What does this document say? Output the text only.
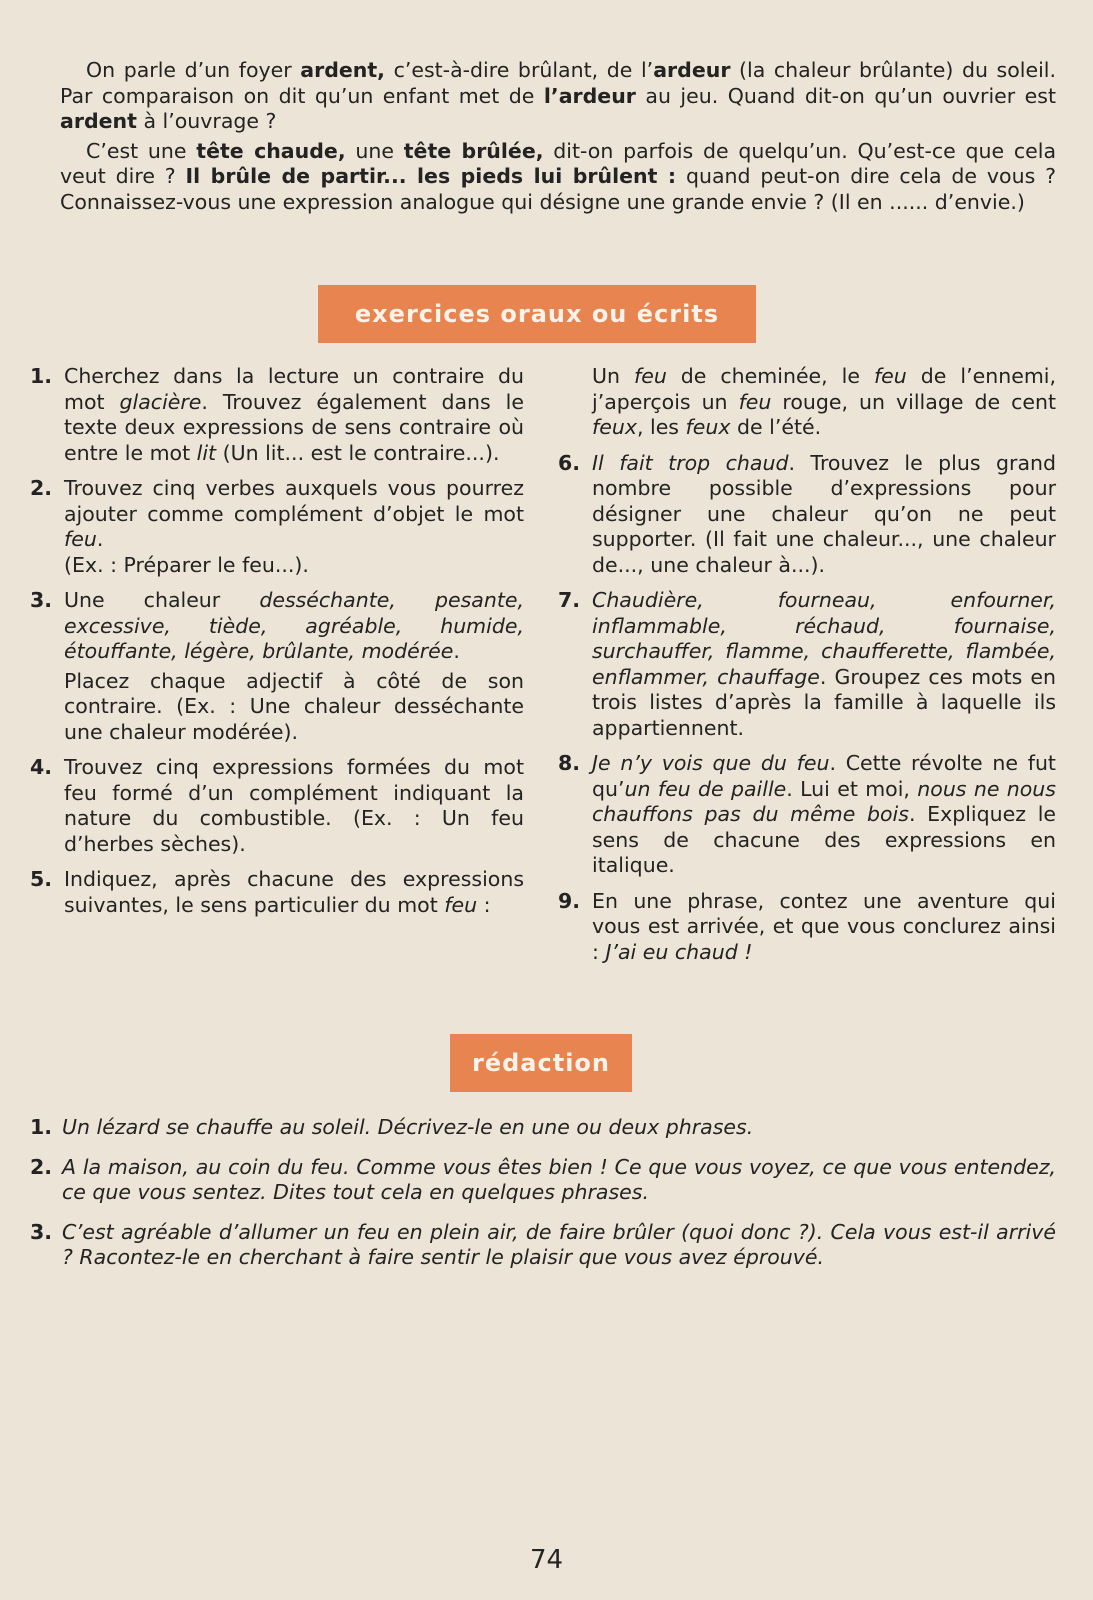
On parle d’un foyer ardent, c’est-à-dire brûlant, de l’ardeur (la chaleur brûlante) du soleil. Par comparaison on dit qu’un enfant met de l’ardeur au jeu. Quand dit-on qu’un ouvrier est ardent à l’ouvrage ?

C’est une tête chaude, une tête brûlée, dit-on parfois de quelqu’un. Qu’est-ce que cela veut dire ? Il brûle de partir... les pieds lui brûlent : quand peut-on dire cela de vous ? Connaissez-vous une expression analogue qui désigne une grande envie ? (Il en ...... d’envie.)

exercices oraux ou écrits
1. Cherchez dans la lecture un contraire du mot glacière. Trouvez également dans le texte deux expressions de sens contraire où entre le mot lit (Un lit... est le contraire...).
2. Trouvez cinq verbes auxquels vous pourrez ajouter comme complément d’objet le mot feu.
(Ex. : Préparer le feu...).
3. Une chaleur desséchante, pesante, excessive, tiède, agréable, humide, étouffante, légère, brûlante, modérée.

Placez chaque adjectif à côté de son contraire. (Ex. : Une chaleur desséchante une chaleur modérée).

4. Trouvez cinq expressions formées du mot feu formé d’un complément indiquant la nature du combustible. (Ex. : Un feu d’herbes sèches).
5. Indiquez, après chacune des expressions suivantes, le sens particulier du mot feu :
Un feu de cheminée, le feu de l’ennemi, j’aperçois un feu rouge, un village de cent feux, les feux de l’été.
6. Il fait trop chaud. Trouvez le plus grand nombre possible d’expressions pour désigner une chaleur qu’on ne peut supporter. (Il fait une chaleur..., une chaleur de..., une chaleur à...).
7. Chaudière, fourneau, enfourner, inflammable, réchaud, fournaise, surchauffer, flamme, chaufferette, flambée, enflammer, chauffage. Groupez ces mots en trois listes d’après la famille à laquelle ils appartiennent.
8. Je n’y vois que du feu. Cette révolte ne fut qu’un feu de paille. Lui et moi, nous ne nous chauffons pas du même bois. Expliquez le sens de chacune des expressions en italique.
9. En une phrase, contez une aventure qui vous est arrivée, et que vous conclurez ainsi : J’ai eu chaud !
rédaction
1. Un lézard se chauffe au soleil. Décrivez-le en une ou deux phrases.
2. A la maison, au coin du feu. Comme vous êtes bien ! Ce que vous voyez, ce que vous entendez, ce que vous sentez. Dites tout cela en quelques phrases.
3. C’est agréable d’allumer un feu en plein air, de faire brûler (quoi donc ?). Cela vous est-il arrivé ? Racontez-le en cherchant à faire sentir le plaisir que vous avez éprouvé.
74
